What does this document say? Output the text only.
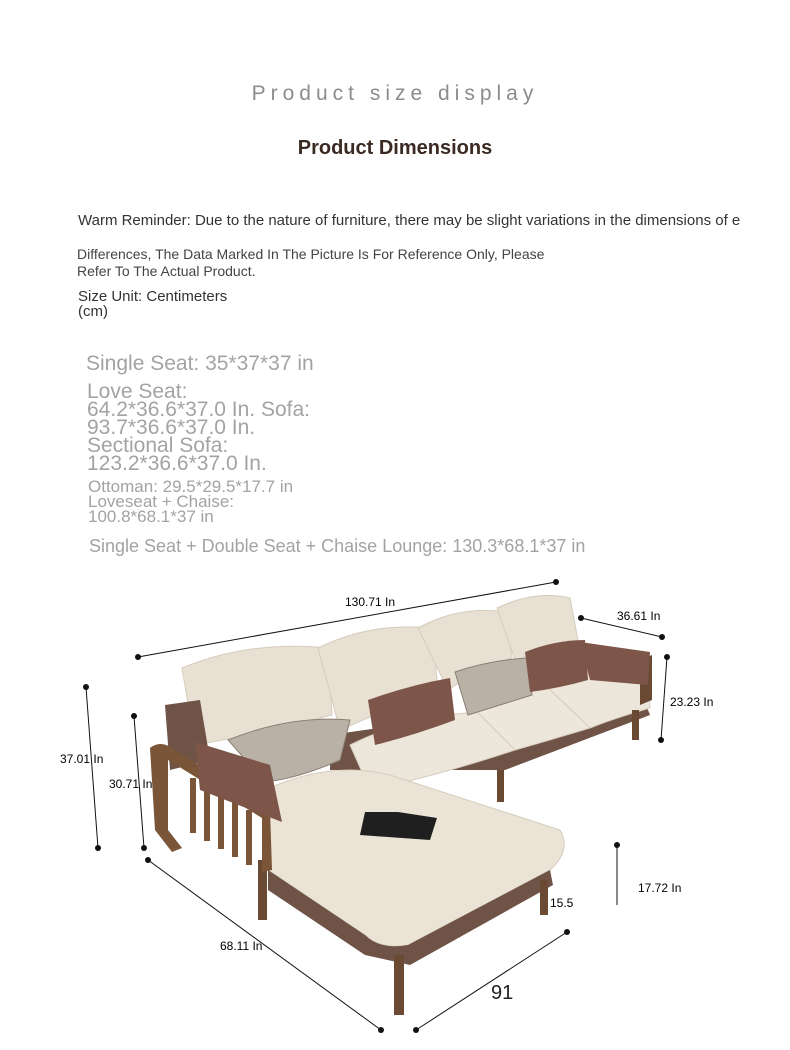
Product size display
Product Dimensions
Warm Reminder: Due to the nature of furniture, there may be slight variations in the dimensions of e
Differences, The Data Marked In The Picture Is For Reference Only, Please
Refer To The Actual Product.
Size Unit: Centimeters
(cm)
Single Seat: 35*37*37 in
Love Seat:
64.2*36.6*37.0 In. Sofa:
93.7*36.6*37.0 In.
Sectional Sofa:
123.2*36.6*37.0 In.
Ottoman: 29.5*29.5*17.7 in
Loveseat + Chaise:
100.8*68.1*37 in
Single Seat + Double Seat + Chaise Lounge: 130.3*68.1*37 in
130.71 In
36.61 In
23.23 In
37.01 In
30.71 In
17.72 In
15.5
68.11 In
91
